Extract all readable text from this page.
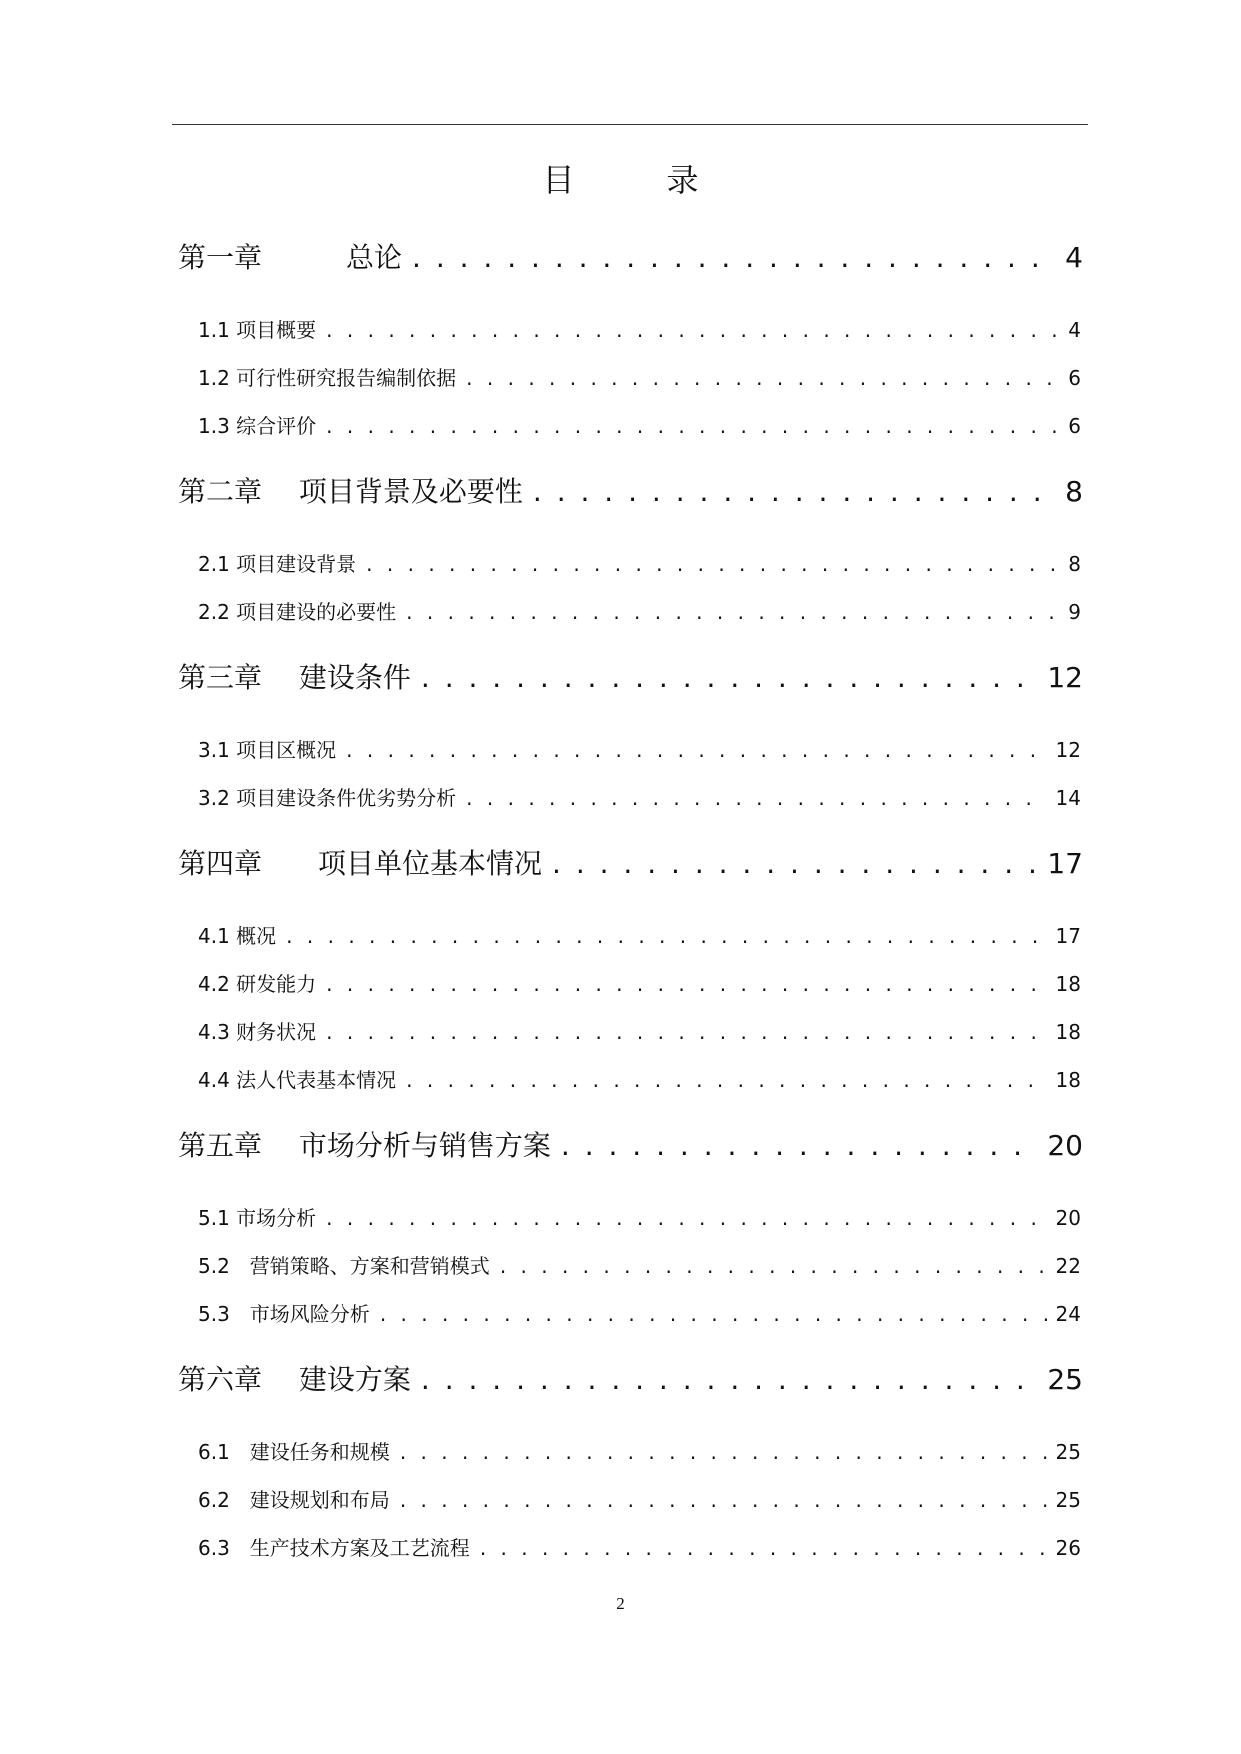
目　录
第一章　　　总论 . . .	4
1.1 项目概要 . . .	4
1.2 可行性研究报告编制依据 . . .	6
1.3 综合评价 . . .	6
第二章　 项目背景及必要性 . . .	8
2.1 项目建设背景 . . .	8
2.2 项目建设的必要性 . . .	9
第三章　 建设条件 . . .	12
3.1 项目区概况 . . .	12
3.2 项目建设条件优劣势分析 . . .	14
第四章　　项目单位基本情况 . . .	17
4.1 概况 . . .	17
4.2 研发能力 . . .	18
4.3 财务状况 . . .	18
4.4 法人代表基本情况 . . .	18
第五章　 市场分析与销售方案 . . .	20
5.1 市场分析 . . .	20
5.2　营销策略、方案和营销模式 . . .	22
5.3　市场风险分析 . . .	24
第六章　 建设方案 . . .	25
6.1　建设任务和规模 . . .	25
6.2　建设规划和布局 . . .	25
6.3　生产技术方案及工艺流程 . . .	26
2
